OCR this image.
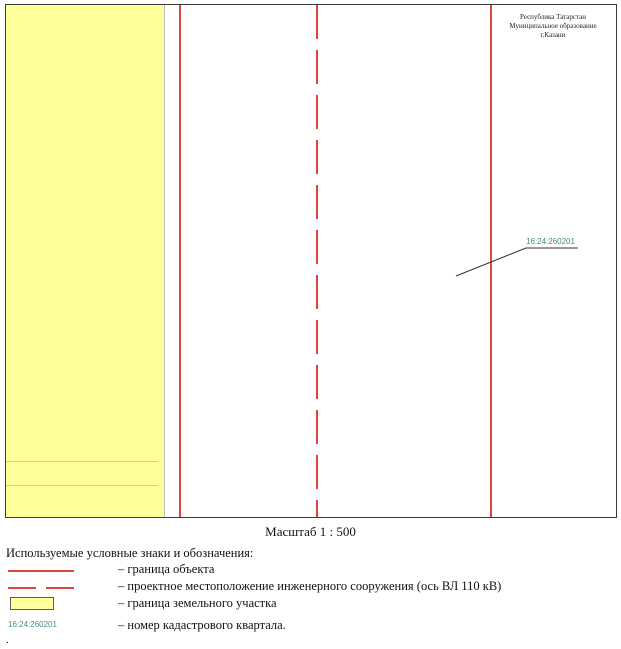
Республика Татарстан
Муниципальное образование
г.Казани
16:24:260201
Масштаб 1 : 500
Используемые условные знаки и обозначения:
– граница объекта
– проектное местоположение инженерного сооружения (ось ВЛ 110 кВ)
– граница земельного участка
16:24:260201	– номер кадастрового квартала.
.
